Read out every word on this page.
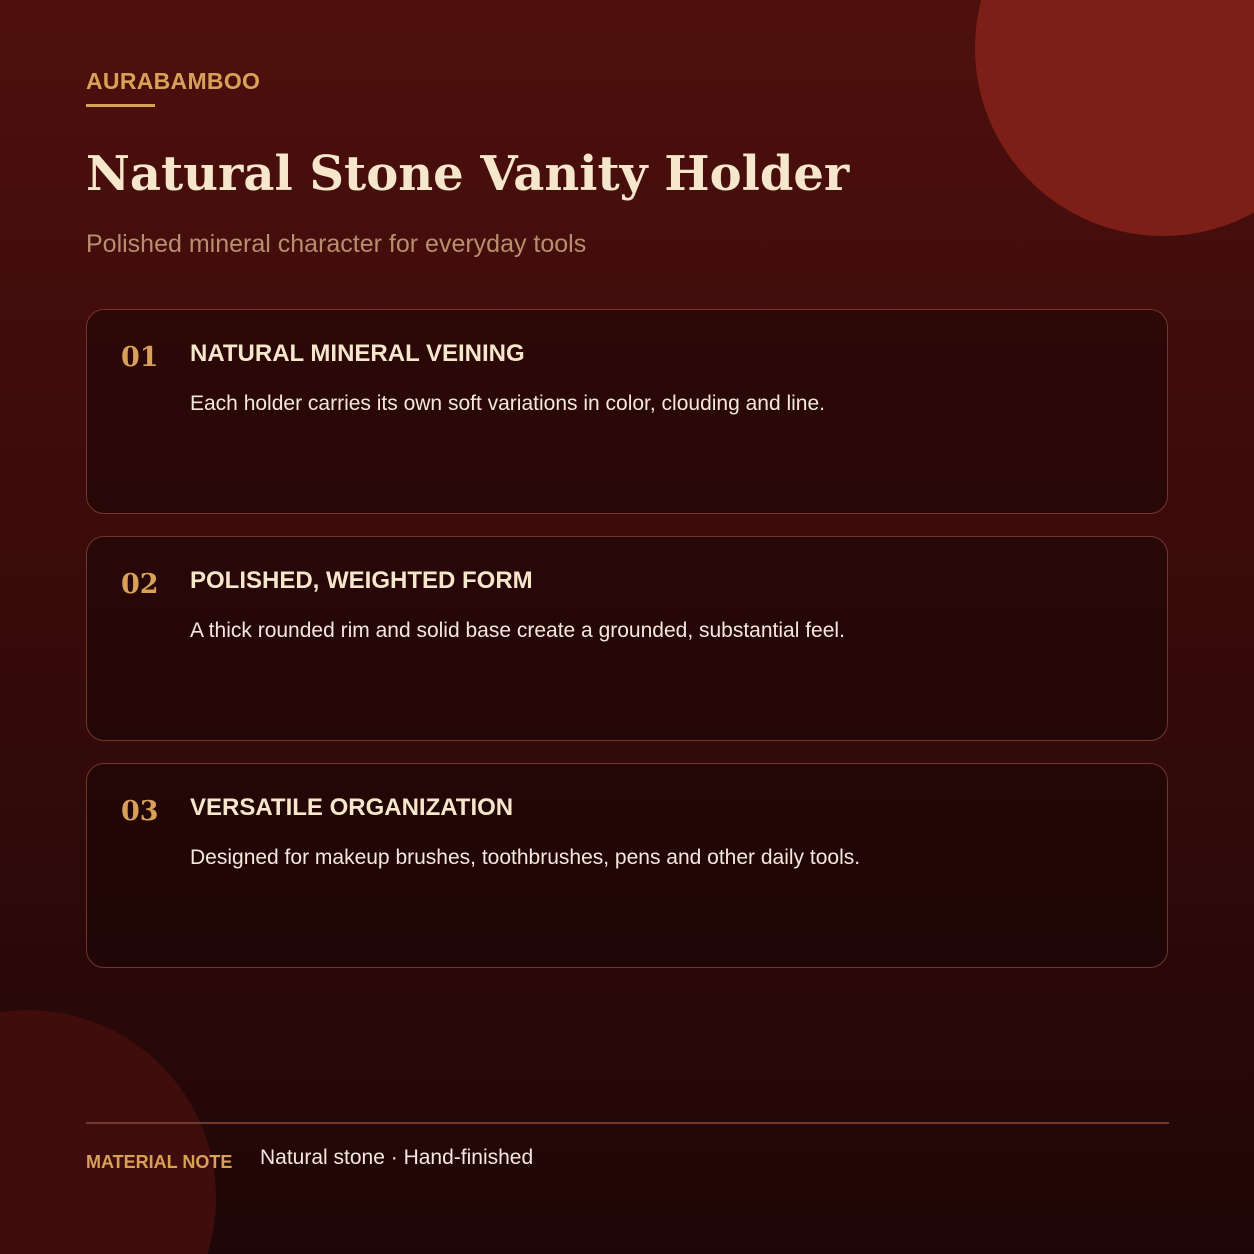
AURABAMBOO
Natural Stone Vanity Holder
Polished mineral character for everyday tools
01 NATURAL MINERAL VEINING
Each holder carries its own soft variations in color, clouding and line.
02 POLISHED, WEIGHTED FORM
A thick rounded rim and solid base create a grounded, substantial feel.
03 VERSATILE ORGANIZATION
Designed for makeup brushes, toothbrushes, pens and other daily tools.
MATERIAL NOTE Natural stone · Hand-finished
